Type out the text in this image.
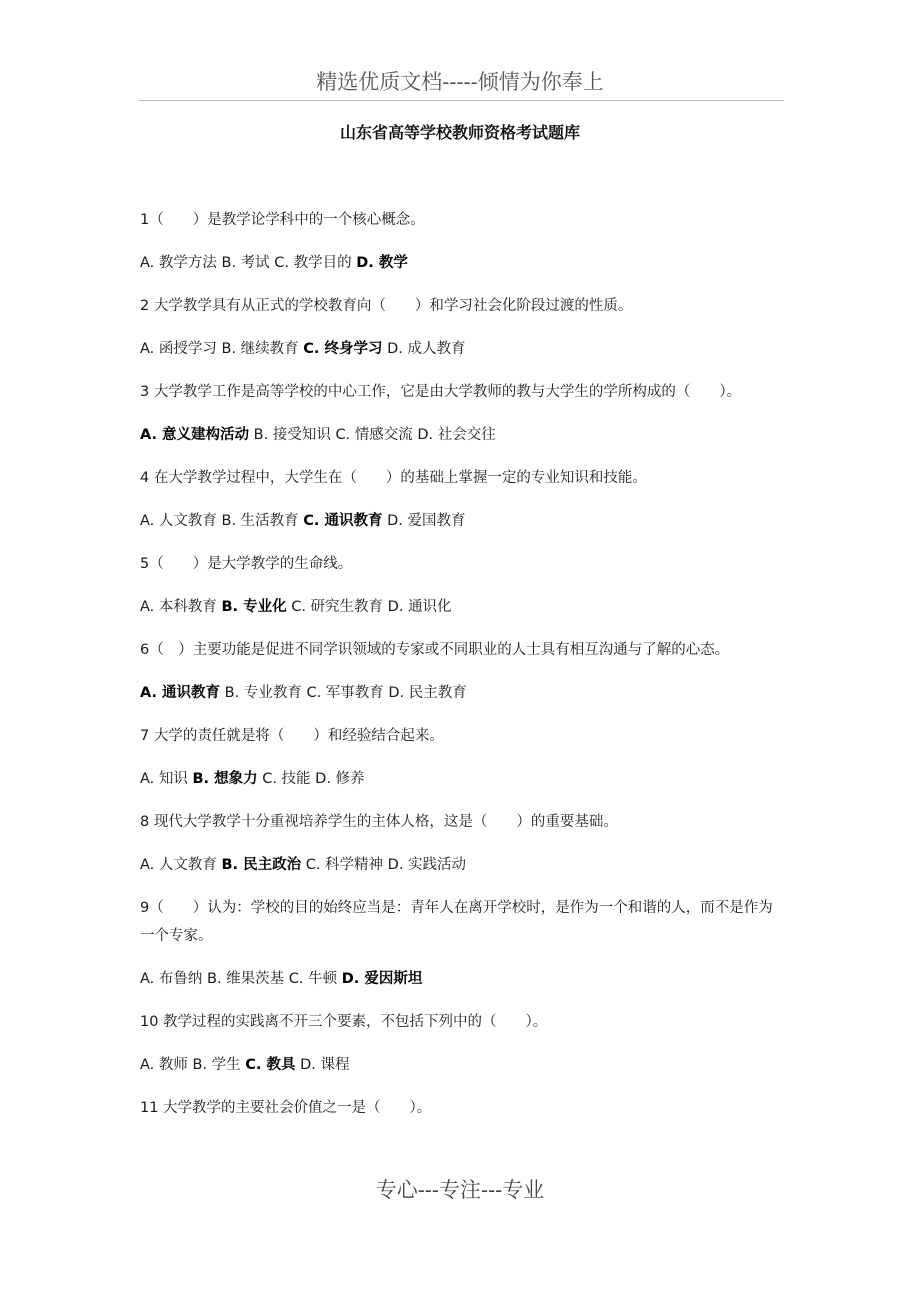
精选优质文档-----倾情为你奉上
山东省高等学校教师资格考试题库
1（　　）是教学论学科中的一个核心概念。
A. 教学方法 B. 考试 C. 教学目的 D. 教学
2 大学教学具有从正式的学校教育向（　　）和学习社会化阶段过渡的性质。
A. 函授学习 B. 继续教育 C. 终身学习 D. 成人教育
3 大学教学工作是高等学校的中心工作，它是由大学教师的教与大学生的学所构成的（　　）。
A. 意义建构活动 B. 接受知识 C. 情感交流 D. 社会交往
4 在大学教学过程中，大学生在（　　）的基础上掌握一定的专业知识和技能。
A. 人文教育 B. 生活教育 C. 通识教育 D. 爱国教育
5（　　）是大学教学的生命线。
A. 本科教育 B. 专业化 C. 研究生教育 D. 通识化
6（　）主要功能是促进不同学识领域的专家或不同职业的人士具有相互沟通与了解的心态。
A. 通识教育 B. 专业教育 C. 军事教育 D. 民主教育
7 大学的责任就是将（　　）和经验结合起来。
A. 知识 B. 想象力 C. 技能 D. 修养
8 现代大学教学十分重视培养学生的主体人格，这是（　　）的重要基础。
A. 人文教育 B. 民主政治 C. 科学精神 D. 实践活动
9（　　）认为：学校的目的始终应当是：青年人在离开学校时，是作为一个和谐的人，而不是作为一个专家。
A. 布鲁纳 B. 维果茨基 C. 牛顿 D. 爱因斯坦
10 教学过程的实践离不开三个要素，不包括下列中的（　　）。
A. 教师 B. 学生 C. 教具 D. 课程
11 大学教学的主要社会价值之一是（　　）。
专心---专注---专业
